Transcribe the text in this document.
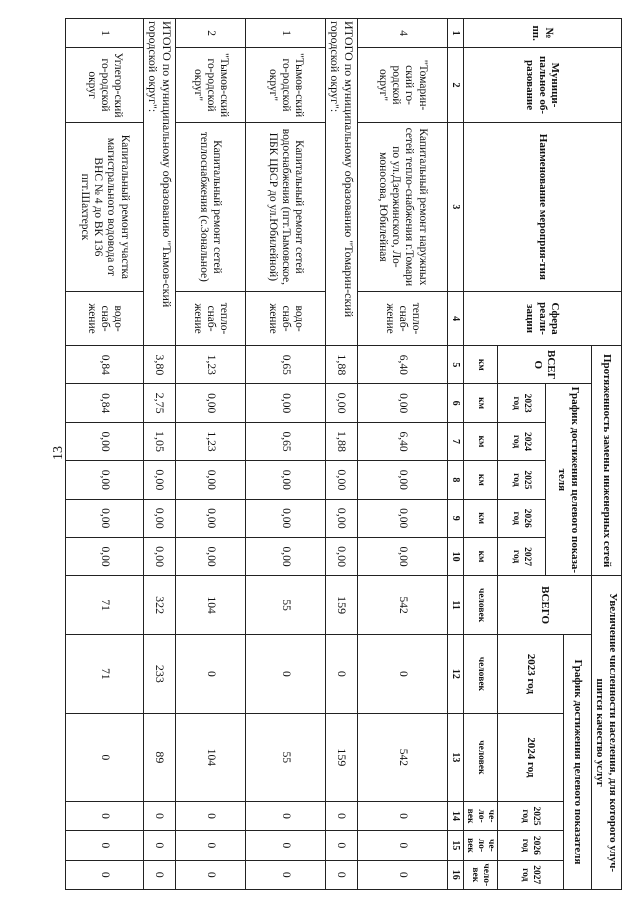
13
№ пп.	Муници-пальное об-разование	Наименование мероприя-тия	Сфера реали-зации	Протяженность замены инженерных сетей						Увеличение численности населения, для которого улуч-шится качество услуг					
				ВСЕГ О	График достижения целевого показа-теля					ВСЕГО	График достижения целевого показателя				
											2023 год	2024 год	2025 год	2026 год	2027 год
					2023 год	2024 год	2025 год	2026 год	2027 год						
				км	км	км	км	км	км	человек	человек	человек	че-ло-век	че-ло-век	чело-век
1	2	3	4	5	6	7	8	9	10	11	12	13	14	15	16
4	"Томарин-ский го-родской округ"	Капитальный ремонт наружных сетей тепло-снабжения г.Томари по ул.Дзержинского, Ло-моносова, Юбилейная	тепло-снаб-жение	6,40	0,00	6,40	0,00	0,00	0,00	542	0	542	0	0	0
ИТОГО по муниципальному образованию "Томарин-ский городской округ":				1,88	0,00	1,88	0,00	0,00	0,00	159	0	159	0	0	0
1	"Тымов-ский го-родской округ"	Капитальный ремонт сетей водоснабжения (пгт.Тымовское, ПБК ЦБСР до ул.Юбилейной)	водо-снаб-жение	0,65	0,00	0,65	0,00	0,00	0,00	55	0	55	0	0	0
2	"Тымов-ский го-родской округ"	Капитальный ремонт сетей теплоснабжения (с.Зональное)	тепло-снаб-жение	1,23	0,00	1,23	0,00	0,00	0,00	104	0	104	0	0	0
ИТОГО по муниципальному образованию "Тымов-ский городской округ":				3,80	2,75	1,05	0,00	0,00	0,00	322	233	89	0	0	0
1	Углегор-ский го-родской округ	Капитальный ремонт участка магистрального водовода от ВНС № 4 до ВК 136 пгт.Шахтерск	водо-снаб-жение	0,84	0,84	0,00	0,00	0,00	0,00	71	71	0	0	0	0
